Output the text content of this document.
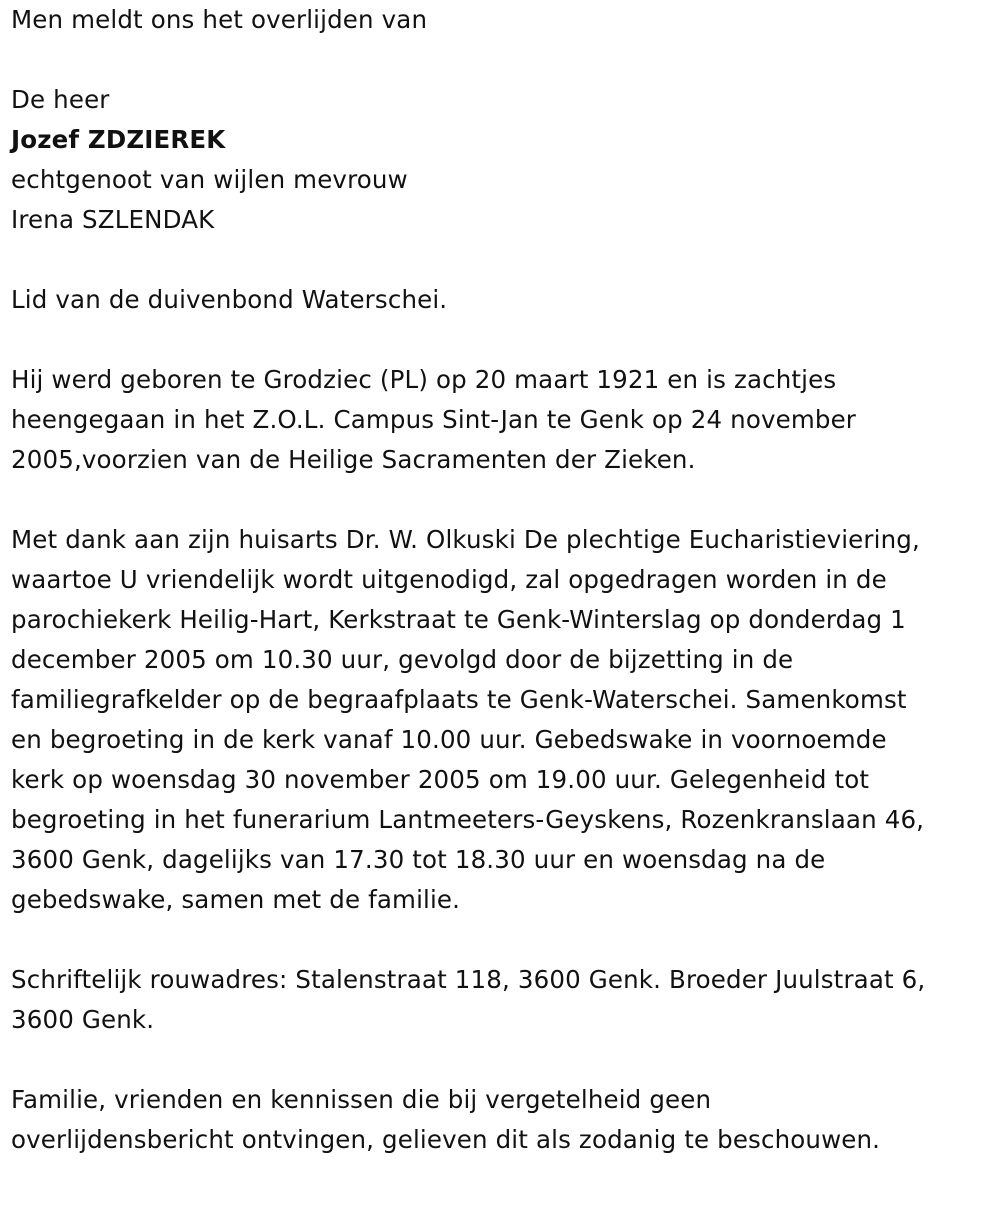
Men meldt ons het overlijden van
De heer
Jozef ZDZIEREK
echtgenoot van wijlen mevrouw
Irena SZLENDAK
Lid van de duivenbond Waterschei.
Hij werd geboren te Grodziec (PL) op 20 maart 1921 en is zachtjes
heengegaan in het Z.O.L. Campus Sint-Jan te Genk op 24 november
2005,voorzien van de Heilige Sacramenten der Zieken.
Met dank aan zijn huisarts Dr. W. Olkuski De plechtige Eucharistieviering,
waartoe U vriendelijk wordt uitgenodigd, zal opgedragen worden in de
parochiekerk Heilig-Hart, Kerkstraat te Genk-Winterslag op donderdag 1
december 2005 om 10.30 uur, gevolgd door de bijzetting in de
familiegrafkelder op de begraafplaats te Genk-Waterschei. Samenkomst
en begroeting in de kerk vanaf 10.00 uur. Gebedswake in voornoemde
kerk op woensdag 30 november 2005 om 19.00 uur. Gelegenheid tot
begroeting in het funerarium Lantmeeters-Geyskens, Rozenkranslaan 46,
3600 Genk, dagelijks van 17.30 tot 18.30 uur en woensdag na de
gebedswake, samen met de familie.
Schriftelijk rouwadres: Stalenstraat 118, 3600 Genk. Broeder Juulstraat 6,
3600 Genk.
Familie, vrienden en kennissen die bij vergetelheid geen
overlijdensbericht ontvingen, gelieven dit als zodanig te beschouwen.
